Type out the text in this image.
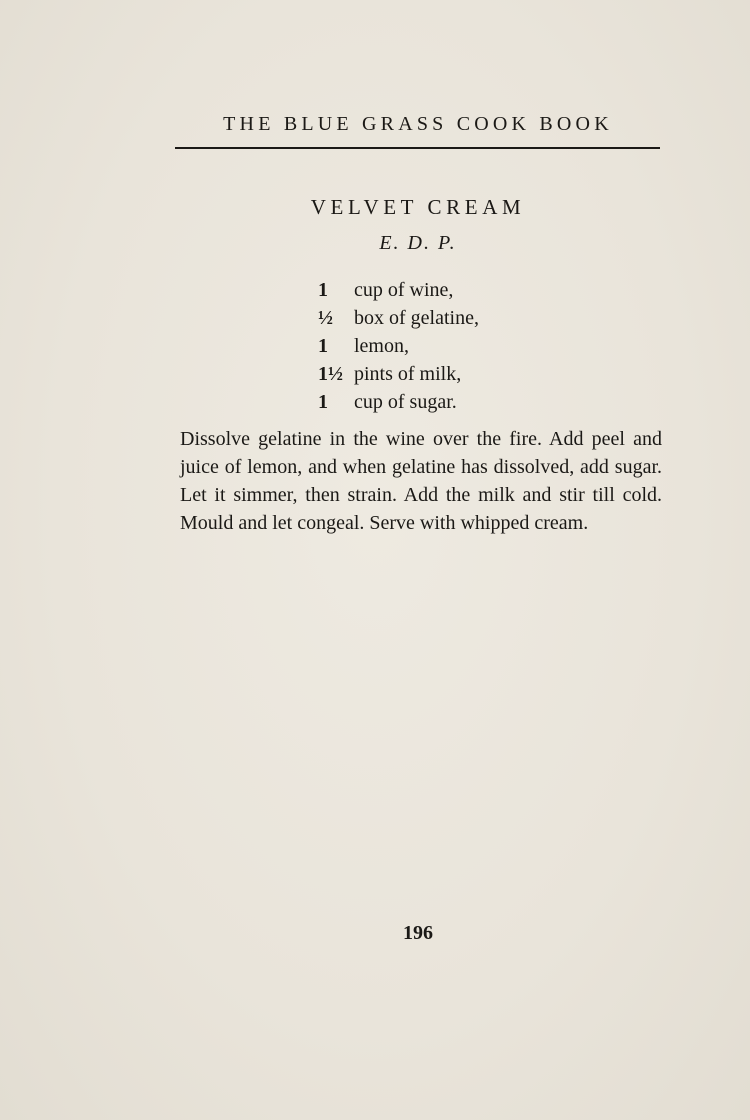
THE BLUE GRASS COOK BOOK
VELVET CREAM
E. D. P.
1 cup of wine,
½ box of gelatine,
1 lemon,
1½ pints of milk,
1 cup of sugar.

Dissolve gelatine in the wine over the fire. Add peel and juice of lemon, and when gelatine has dissolved, add sugar. Let it simmer, then strain. Add the milk and stir till cold. Mould and let congeal. Serve with whipped cream.

196
